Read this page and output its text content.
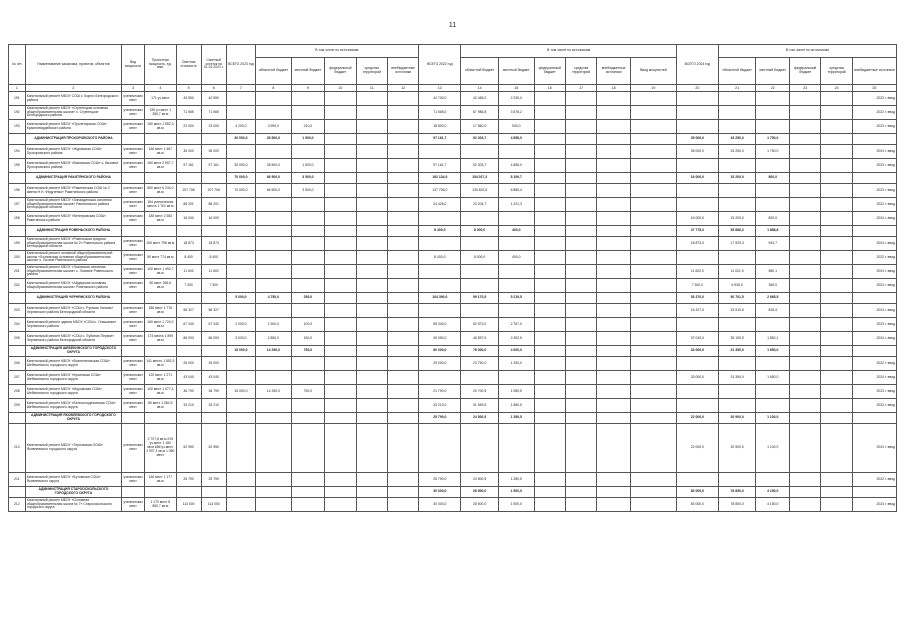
11
№ п/п	Наименование заказчика, проектов, объектов	Вид мощности	Проектная мощность, ед. изм.	Сметная стоимость	Сметный остаток на 01.01.2021 г.	ВСЕГО 2023 год	В том числе по источникам:					ВСЕГО 2022 год	В том числе по источникам						ВСЕГО 2024 год	В том числе по источникам				
							областной бюджет	местный бюджет	федеральный бюджет	средства территорий	внебюджетные источники		областной бюджет	местный бюджет	федеральный бюджет	средства территорий	внебюджетные источники	Ввод мощностей		областной бюджет	местный бюджет	федеральный бюджет	средства территорий	внебюджетные источники
1	2	3	4	5	6	7	8	9	10	11	12	13	14	15	16	17	18	19	20	21	22	23	24	25
191	Капитальный ремонт МБОУ СОШ с. Бирюч Белгородского района	ученических мест	171 уч.мест	40 550	40 550							44 700,0	42 465,0	2 235,0										2022 г. ввод
192	Капитальный ремонт МБОУ «Стрелецкая основная общеобразовательная школа» с. Стрелецкое Белгородского района	ученических мест	150 уч.мест 1 350,7 кв.м	71 565	71 565							71 565,0	67 986,8	3 578,2										2022 г. ввод
193	Капитальный ремонт МБОУ «Пролетарская СОШ» Красногвардейского района	ученических мест	160 мест 1 552,3 кв.м	22 000	23 000	4 200,0	3 990,0	210,0				18 800,0	17 860,0	940,0										2023 г. ввод
	АДМИНИСТРАЦИЯ ПРОХОРОВСКОГО РАЙОНА					30 000,0	28 500,0	1 500,0				97 161,7	92 303,7	4 858,0					35 000,0	33 250,0	1 750,0			
194	Капитальный ремонт МБОУ «Журавская СОШ» Прохоровского района	ученических мест	150 мест 1 467 кв.м	35 000	35 000														35 000,0	33 250,0	1 750,0			2024 г. ввод
195	Капитальный ремонт МБОУ «Вязовская СОШ» с. Вязовое Прохоровского района	ученических мест	160 мест 2 057,7 кв.м	97 161	97 161	30 000,0	28 500,0	1 500,0				97 161,7	92 303,7	4 858,0										2023 г. ввод
	АДМИНИСТРАЦИЯ РАКИТЯНСКОГО РАЙОНА					70 000,0	66 500,0	3 500,0				162 134,0	154 027,3	8 106,7					16 000,0	15 200,0	800,0			
196	Капитальный ремонт МБОУ «Ракитянская СОШ № 2 имени Н.Н. Федутенко» Ракитянского района	ученических мест	550 мест 6 244,0 кв.м	207 708	207 708	70 000,0	66 500,0	3 500,0				137 708,0	130 822,6	6 885,4										2023 г. ввод
197	Капитальный ремонт МБОУ «Зинаидинская основная общеобразовательная школа» Ракитянского района Белгородской области	ученических мест	164 ученических места 1 701 кв.м	88 201	88 201							24 426,0	23 204,7	1 221,3										2022 г. ввод
198	Капитальный ремонт МБОУ «Венгеровская СОШ» Ракитянского района	ученических мест	180 мест 2 083 кв.м	16 000	16 000														16 000,0	15 200,0	800,0			2024 г. ввод
	АДМИНИСТРАЦИЯ РОВЕНЬСКОГО РАЙОНА											8 400,0	8 000,0	400,0					37 775,0	35 886,2	1 888,8			
199	Капитальный ремонт МБОУ «Ровеньская средняя общеобразовательная школа № 2» Ровеньского района Белгородской области	ученических мест	150 мест 796 кв.м	18 873	18 873														18 873,0	17 929,3	943,7			2024 г. ввод
200	Капитальный ремонт основной общеобразовательной школы «Лозновская основная общеобразовательная школа» с. Лозное Ровеньского района	ученических мест	50 мест 774 кв.м	8 400	8 400							8 400,0	8 000,0	400,0										2022 г. ввод
201	Капитальный ремонт МБОУ «Лозовская основная общеобразовательная школа» с. Лозовое Ровеньского района	ученических мест	100 мест 1 492,7 кв.м	11 602	11 602														11 602,0	11 021,9	580,1			2024 г. ввод
202	Капитальный ремонт МБОУ «Айдарская основная общеобразовательная школа» Ровеньского района	ученических мест	50 мест 256,6 кв.м	7 300	7 300														7 300,0	6 935,0	365,0			2024 г. ввод
	АДМИНИСТРАЦИЯ ЧЕРНЯНСКОГО РАЙОНА					5 000,0	4 750,0	250,0				104 390,0	99 170,5	5 219,5					53 370,0	50 701,5	2 668,5			
203	Капитальный ремонт МБОУ «СОШ с. Русская Халань» Чернянского района Белгородской области	ученических мест	180 мест 1 776 кв.м	56 327	56 327														16 327,0	15 510,6	816,4			2024 г. ввод
204	Капитальный ремонт здания МБОУ «СОШ с. Ольшанка» Чернянского района	ученических мест	160 мест 1 724,0 кв.м	67 340	67 340	2 000,0	1 900,0	100,0				55 340,0	52 573,0	2 767,0										2023 г. ввод
205	Капитальный ремонт МБОУ «СОШ с. Лубяное-Первое» Чернянского района Белгородской области	ученических мест	174 места 1 899 кв.м	86 093	86 093	3 000,0	2 850,0	150,0				49 050,0	46 597,5	2 452,5					37 043,0	35 190,9	1 852,1			2024 г. ввод
	АДМИНИСТРАЦИЯ ШЕБЕКИНСКОГО ГОРОДСКОГО ОКРУГА					15 000,0	14 250,0	750,0				80 000,0	76 000,0	4 000,0					33 000,0	31 350,0	1 650,0			
206	Капитальный ремонт МБОУ «Вознесеновская СОШ» Шебекинского городского округа	ученических мест	141 место 1 592,3 кв.м	25 000	25 000							25 000,0	23 750,0	1 250,0										2022 г. ввод
207	Капитальный ремонт МБОУ «Купинская СОШ» Шебекинского городского округа	ученических мест	120 мест 1 271 кв.м	43 040	43 040														33 000,0	31 350,0	1 650,0			2024 г. ввод
208	Капитальный ремонт МБОУ «Муромская СОШ» Шебекинского городского округа	ученических мест	100 мест 1 077,4 кв.м	36 790	36 790	15 000,0	14 250,0	750,0				21 790,0	20 700,5	1 089,5										2023 г. ввод
209	Капитальный ремонт МБОУ «Белоколодезянская СОШ» Шебекинского городского округа	ученических мест	80 мест 1 082,5 кв.м	33 210	33 210							33 210,0	31 549,5	1 660,5										2022 г. ввод
	АДМИНИСТРАЦИЯ ЯКОВЛЕВСКОГО ГОРОДСКОГО ОКРУГА											25 790,0	24 500,5	1 289,5					22 000,0	20 900,0	1 100,0			
210	Капитальный ремонт МБОУ «Терновская ООШ» Яковлевского городского округа	ученических мест	2 707,8 кв.м 219 уч.мест 1 180 кв.м 656 уч.мест 2 907,1 кв.м 1 080 мест	52 950	52 950														22 000,0	20 900,0	1 100,0			2024 г. ввод
211	Капитальный ремонт МБОУ «Бутовская СОШ» Яковлевского округа	ученических мест	150 мест 1 177 кв.м	25 790	25 790							25 790,0	24 500,5	1 289,5										2022 г. ввод
	АДМИНИСТРАЦИЯ СТАРООСКОЛЬСКОГО ГОРОДСКОГО ОКРУГА											30 000,0	28 500,0	1 500,0					83 000,0	78 850,0	4 150,0			
212	Капитальный ремонт МБОУ «Основная общеобразовательная школа № 7» Старооскольского городского округа	ученических мест	1 170 мест 8 850,7 кв.м	113 000	113 000							30 000,0	28 500,0	1 500,0					83 000,0	78 850,0	4 150,0			2024 г. ввод
